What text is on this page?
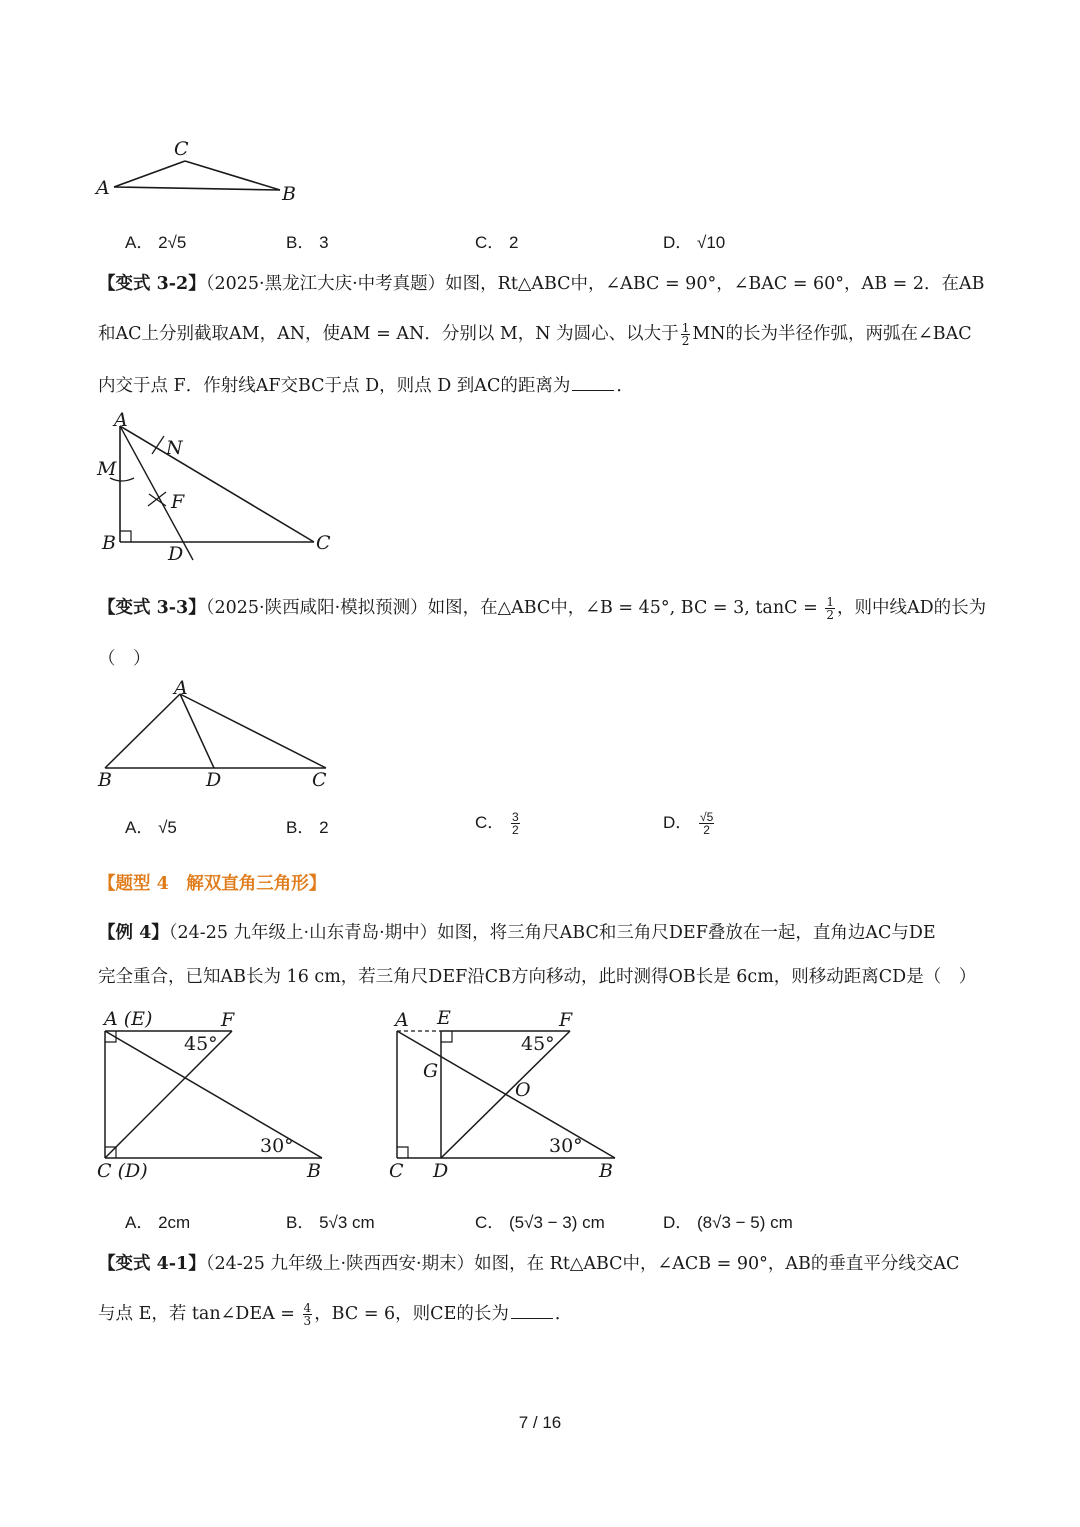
C
A	B
A． 2√5	B． 3	C． 2	D． √10
【变式 3-2】（2025·黑龙江大庆·中考真题）如图，Rt△ABC中，∠ABC = 90°，∠BAC = 60°，AB = 2．在AB
和AC上分别截取AM，AN，使AM = AN．分别以 M，N 为圆心、以大于 $\frac{1}{2}$ MN的长为半径作弧，两弧在∠BAC
内交于点 F．作射线AF交BC于点 D，则点 D 到AC的距离为	．
A
N
M
F
B	D	C
【变式 3-3】（2025·陕西咸阳·模拟预测）如图，在△ABC中，∠B = 45°, BC = 3, $\tan C = \frac{1}{2}$ ，则中线AD的长为
（　）
A
B	D	C
A． √5	B． 2	C． $\frac{3}{2}$	D． $\frac{√5}{2}$
【题型 4　解双直角三角形】
【例 4】（24-25 九年级上·山东青岛·期中）如图，将三角尺ABC和三角尺DEF叠放在一起，直角边AC与DE
完全重合，已知AB长为 16 cm，若三角尺DEF沿CB方向移动，此时测得OB长是 6cm，则移动距离CD是（　）
A (E)	F
45°
30°
C (D)	B
A E	F
45°
G
O
30°
C D	B
A． 2cm	B． 5√3 cm	C． (5√3 − 3) cm	D． (8√3 − 5) cm
【变式 4-1】（24-25 九年级上·陕西西安·期末）如图，在 Rt△ABC中，∠ACB = 90°，AB的垂直平分线交AC
与点 E，若 tan∠DEA = $\frac{4}{3}$ ，BC = 6，则CE的长为	．
7 / 16
